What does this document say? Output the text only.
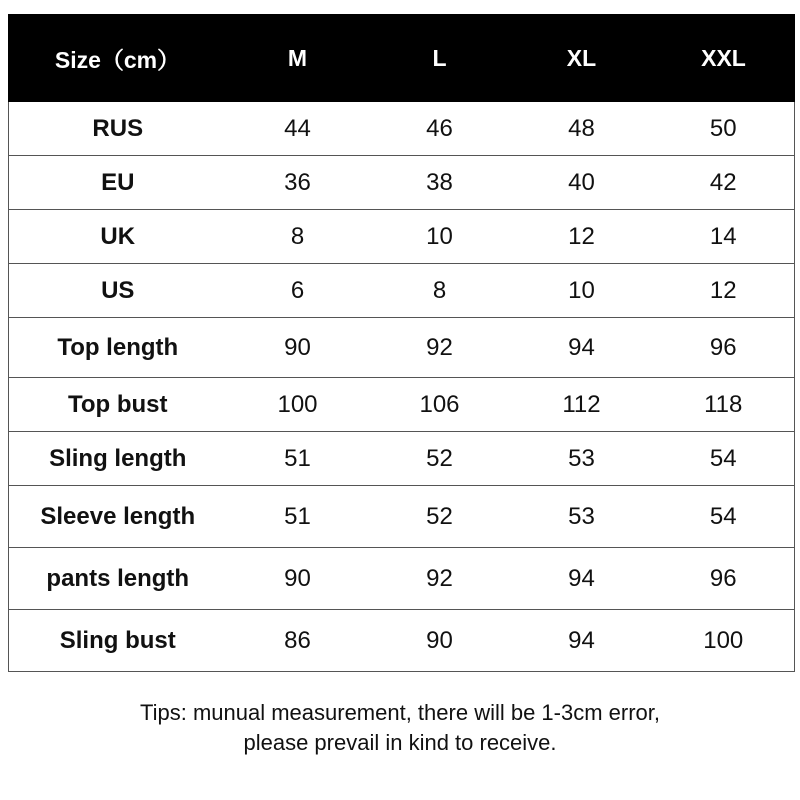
Size（cm）	M	L	XL	XXL
RUS	44	46	48	50
EU	36	38	40	42
UK	8	10	12	14
US	6	8	10	12
Top length	90	92	94	96
Top bust	100	106	112	118
Sling length	51	52	53	54
Sleeve length	51	52	53	54
pants length	90	92	94	96
Sling bust	86	90	94	100
Tips: munual measurement, there will be 1-3cm error,
please prevail in kind to receive.
